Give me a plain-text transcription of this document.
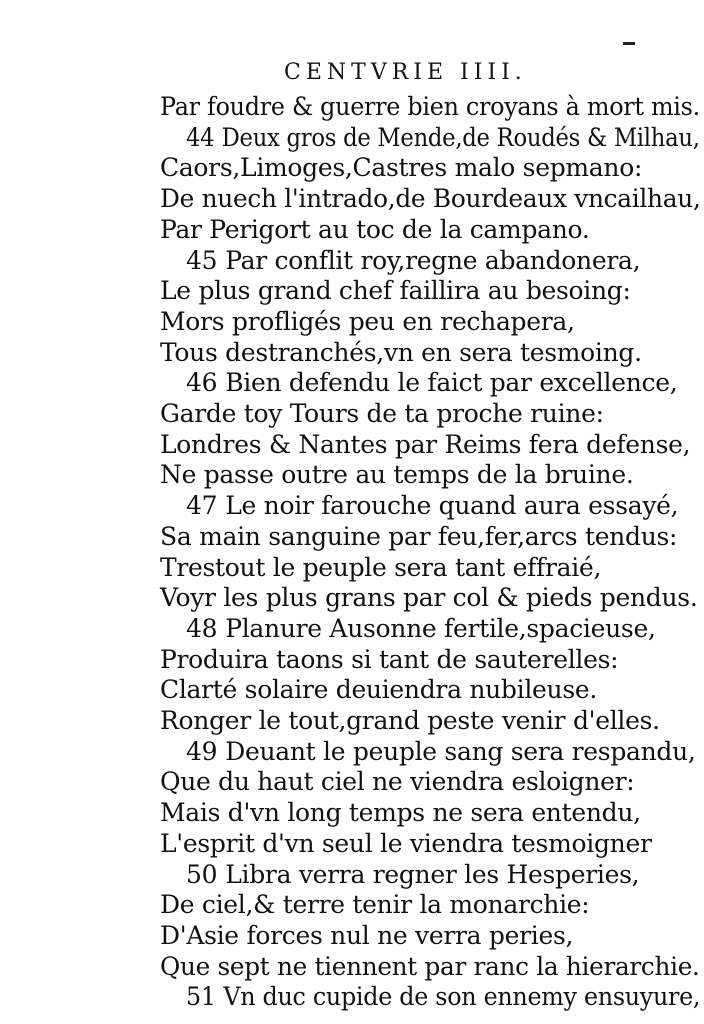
CENTVRIE IIII.
Par foudre & guerre bien croyans à mort mis.
44 Deux gros de Mende,de Roudés & Milhau,
Caors,Limoges,Castres malo sepmano:
De nuech l'intrado,de Bourdeaux vncailhau,
Par Perigort au toc de la campano.
45 Par conflit roy,regne abandonera,
Le plus grand chef faillira au besoing:
Mors profligés peu en rechapera,
Tous destranchés,vn en sera tesmoing.
46 Bien defendu le faict par excellence,
Garde toy Tours de ta proche ruine:
Londres & Nantes par Reims fera defense,
Ne passe outre au temps de la bruine.
47 Le noir farouche quand aura essayé,
Sa main sanguine par feu,fer,arcs tendus:
Trestout le peuple sera tant effraié,
Voyr les plus grans par col & pieds pendus.
48 Planure Ausonne fertile,spacieuse,
Produira taons si tant de sauterelles:
Clarté solaire deuiendra nubileuse.
Ronger le tout,grand peste venir d'elles.
49 Deuant le peuple sang sera respandu,
Que du haut ciel ne viendra esloigner:
Mais d'vn long temps ne sera entendu,
L'esprit d'vn seul le viendra tesmoigner
50 Libra verra regner les Hesperies,
De ciel,& terre tenir la monarchie:
D'Asie forces nul ne verra peries,
Que sept ne tiennent par ranc la hierarchie.
51 Vn duc cupide de son ennemy ensuyure,
